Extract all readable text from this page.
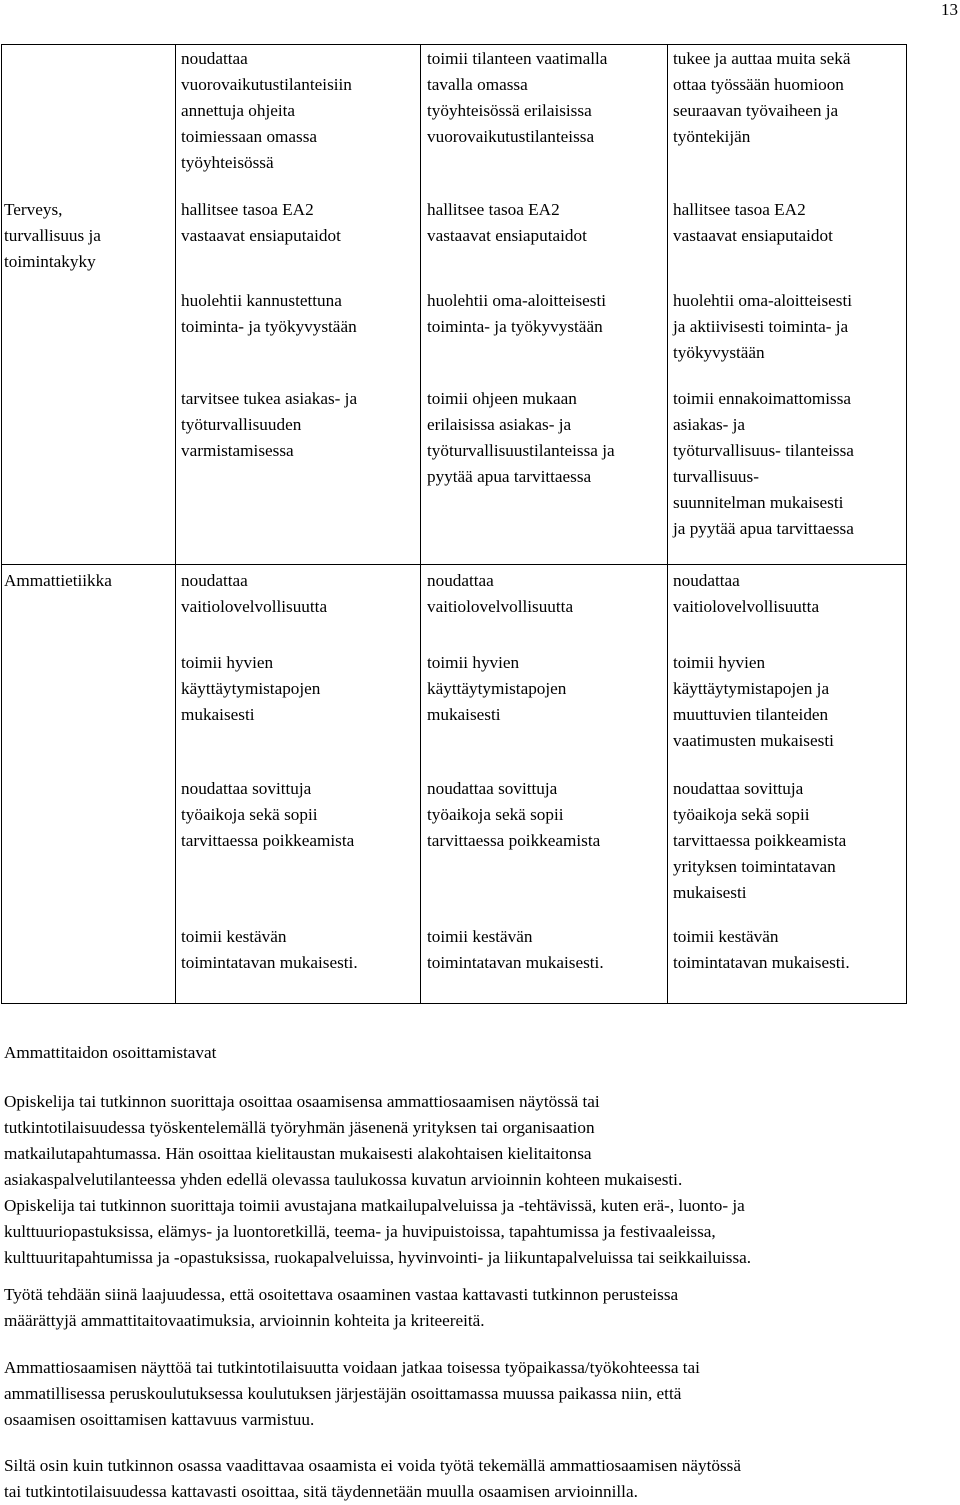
13
noudattaa
vuorovaikutustilanteisiin
annettuja ohjeita
toimiessaan omassa
työyhteisössä
toimii tilanteen vaatimalla
tavalla omassa
työyhteisössä erilaisissa
vuorovaikutustilanteissa
tukee ja auttaa muita sekä
ottaa työssään huomioon
seuraavan työvaiheen ja
työntekijän
Terveys,
turvallisuus ja
toimintakyky
hallitsee tasoa EA2
vastaavat ensiaputaidot
hallitsee tasoa EA2
vastaavat ensiaputaidot
hallitsee tasoa EA2
vastaavat ensiaputaidot
huolehtii kannustettuna
toiminta- ja työkyvystään
huolehtii oma-aloitteisesti
toiminta- ja työkyvystään
huolehtii oma-aloitteisesti
ja aktiivisesti toiminta- ja
työkyvystään
tarvitsee tukea asiakas- ja
työturvallisuuden
varmistamisessa
toimii ohjeen mukaan
erilaisissa asiakas- ja
työturvallisuustilanteissa ja
pyytää apua tarvittaessa
toimii ennakoimattomissa
asiakas- ja
työturvallisuus- tilanteissa
turvallisuus-
suunnitelman mukaisesti
ja pyytää apua tarvittaessa
Ammattietiikka	noudattaa
vaitiolovelvollisuutta
noudattaa
vaitiolovelvollisuutta
noudattaa
vaitiolovelvollisuutta
toimii hyvien
käyttäytymistapojen
mukaisesti
toimii hyvien
käyttäytymistapojen
mukaisesti
toimii hyvien
käyttäytymistapojen ja
muuttuvien tilanteiden
vaatimusten mukaisesti
noudattaa sovittuja
työaikoja sekä sopii
tarvittaessa poikkeamista
noudattaa sovittuja
työaikoja sekä sopii
tarvittaessa poikkeamista
noudattaa sovittuja
työaikoja sekä sopii
tarvittaessa poikkeamista
yrityksen toimintatavan
mukaisesti
toimii kestävän
toimintatavan mukaisesti.
toimii kestävän
toimintatavan mukaisesti.
toimii kestävän
toimintatavan mukaisesti.
Ammattitaidon osoittamistavat
Opiskelija tai tutkinnon suorittaja osoittaa osaamisensa ammattiosaamisen näytössä tai
tutkintotilaisuudessa työskentelemällä työryhmän jäsenenä yrityksen tai organisaation
matkailutapahtumassa. Hän osoittaa kielitaustan mukaisesti alakohtaisen kielitaitonsa
asiakaspalvelutilanteessa yhden edellä olevassa taulukossa kuvatun arvioinnin kohteen mukaisesti.
Opiskelija tai tutkinnon suorittaja toimii avustajana matkailupalveluissa ja -tehtävissä, kuten erä-, luonto- ja
kulttuuriopastuksissa, elämys- ja luontoretkillä, teema- ja huvipuistoissa, tapahtumissa ja festivaaleissa,
kulttuuritapahtumissa ja -opastuksissa, ruokapalveluissa, hyvinvointi- ja liikuntapalveluissa tai seikkailuissa.
Työtä tehdään siinä laajuudessa, että osoitettava osaaminen vastaa kattavasti tutkinnon perusteissa
määrättyjä ammattitaitovaatimuksia, arvioinnin kohteita ja kriteereitä.
Ammattiosaamisen näyttöä tai tutkintotilaisuutta voidaan jatkaa toisessa työpaikassa/työkohteessa tai
ammatillisessa peruskoulutuksessa koulutuksen järjestäjän osoittamassa muussa paikassa niin, että
osaamisen osoittamisen kattavuus varmistuu.
Siltä osin kuin tutkinnon osassa vaadittavaa osaamista ei voida työtä tekemällä ammattiosaamisen näytössä
tai tutkintotilaisuudessa kattavasti osoittaa, sitä täydennetään muulla osaamisen arvioinnilla.
